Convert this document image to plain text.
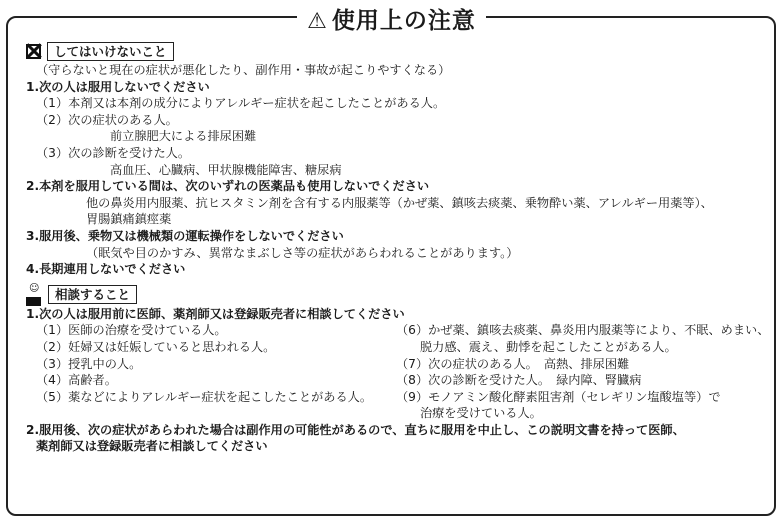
⚠ 使用上の注意
してはいけないこと
（守らないと現在の症状が悪化したり、副作用・事故が起こりやすくなる）
1.次の人は服用しないでください
（1）本剤又は本剤の成分によりアレルギー症状を起こしたことがある人。
（2）次の症状のある人。
前立腺肥大による排尿困難
（3）次の診断を受けた人。
高血圧、心臓病、甲状腺機能障害、糖尿病
2.本剤を服用している間は、次のいずれの医薬品も使用しないでください
他の鼻炎用内服薬、抗ヒスタミン剤を含有する内服薬等（かぜ薬、鎮咳去痰薬、乗物酔い薬、アレルギー用薬等）、
胃腸鎮痛鎮痙薬
3.服用後、乗物又は機械類の運転操作をしないでください
（眠気や目のかすみ、異常なまぶしさ等の症状があらわれることがあります。）
4.長期連用しないでください
☺	相談すること
1.次の人は服用前に医師、薬剤師又は登録販売者に相談してください
（1）医師の治療を受けている人。
（2）妊婦又は妊娠していると思われる人。
（3）授乳中の人。
（4）高齢者。
（5）薬などによりアレルギー症状を起こしたことがある人。
（6）かぜ薬、鎮咳去痰薬、鼻炎用内服薬等により、不眠、めまい、
脱力感、震え、動悸を起こしたことがある人。
（7）次の症状のある人。　高熱、排尿困難
（8）次の診断を受けた人。　緑内障、腎臓病
（9）モノアミン酸化酵素阻害剤（セレギリン塩酸塩等）で
治療を受けている人。
2.服用後、次の症状があらわれた場合は副作用の可能性があるので、直ちに服用を中止し、この説明文書を持って医師、
薬剤師又は登録販売者に相談してください
